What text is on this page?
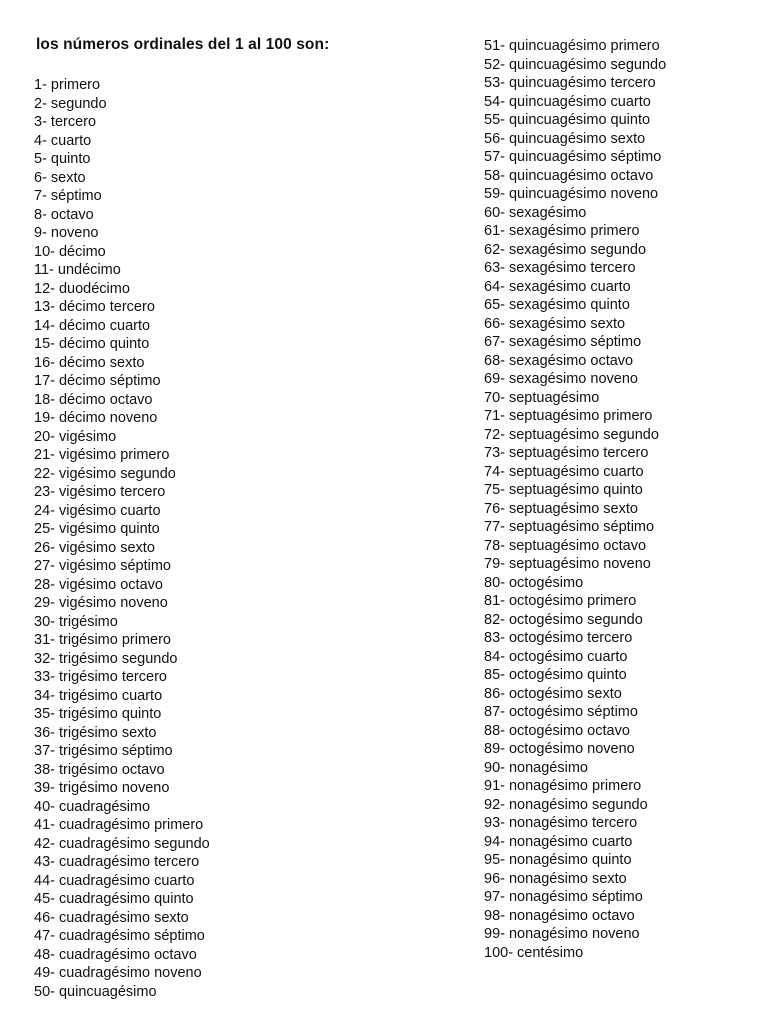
los números ordinales del 1 al 100 son:
1- primero
2- segundo
3- tercero
4- cuarto
5- quinto
6- sexto
7- séptimo
8- octavo
9- noveno
10- décimo
11- undécimo
12- duodécimo
13- décimo tercero
14- décimo cuarto
15- décimo quinto
16- décimo sexto
17- décimo séptimo
18- décimo octavo
19- décimo noveno
20- vigésimo
21- vigésimo primero
22- vigésimo segundo
23- vigésimo tercero
24- vigésimo cuarto
25- vigésimo quinto
26- vigésimo sexto
27- vigésimo séptimo
28- vigésimo octavo
29- vigésimo noveno
30- trigésimo
31- trigésimo primero
32- trigésimo segundo
33- trigésimo tercero
34- trigésimo cuarto
35- trigésimo quinto
36- trigésimo sexto
37- trigésimo séptimo
38- trigésimo octavo
39- trigésimo noveno
40- cuadragésimo
41- cuadragésimo primero
42- cuadragésimo segundo
43- cuadragésimo tercero
44- cuadragésimo cuarto
45- cuadragésimo quinto
46- cuadragésimo sexto
47- cuadragésimo séptimo
48- cuadragésimo octavo
49- cuadragésimo noveno
50- quincuagésimo
51- quincuagésimo primero
52- quincuagésimo segundo
53- quincuagésimo tercero
54- quincuagésimo cuarto
55- quincuagésimo quinto
56- quincuagésimo sexto
57- quincuagésimo séptimo
58- quincuagésimo octavo
59- quincuagésimo noveno
60- sexagésimo
61- sexagésimo primero
62- sexagésimo segundo
63- sexagésimo tercero
64- sexagésimo cuarto
65- sexagésimo quinto
66- sexagésimo sexto
67- sexagésimo séptimo
68- sexagésimo octavo
69- sexagésimo noveno
70- septuagésimo
71- septuagésimo primero
72- septuagésimo segundo
73- septuagésimo tercero
74- septuagésimo cuarto
75- septuagésimo quinto
76- septuagésimo sexto
77- septuagésimo séptimo
78- septuagésimo octavo
79- septuagésimo noveno
80- octogésimo
81- octogésimo primero
82- octogésimo segundo
83- octogésimo tercero
84- octogésimo cuarto
85- octogésimo quinto
86- octogésimo sexto
87- octogésimo séptimo
88- octogésimo octavo
89- octogésimo noveno
90- nonagésimo
91- nonagésimo primero
92- nonagésimo segundo
93- nonagésimo tercero
94- nonagésimo cuarto
95- nonagésimo quinto
96- nonagésimo sexto
97- nonagésimo séptimo
98- nonagésimo octavo
99- nonagésimo noveno
100- centésimo
